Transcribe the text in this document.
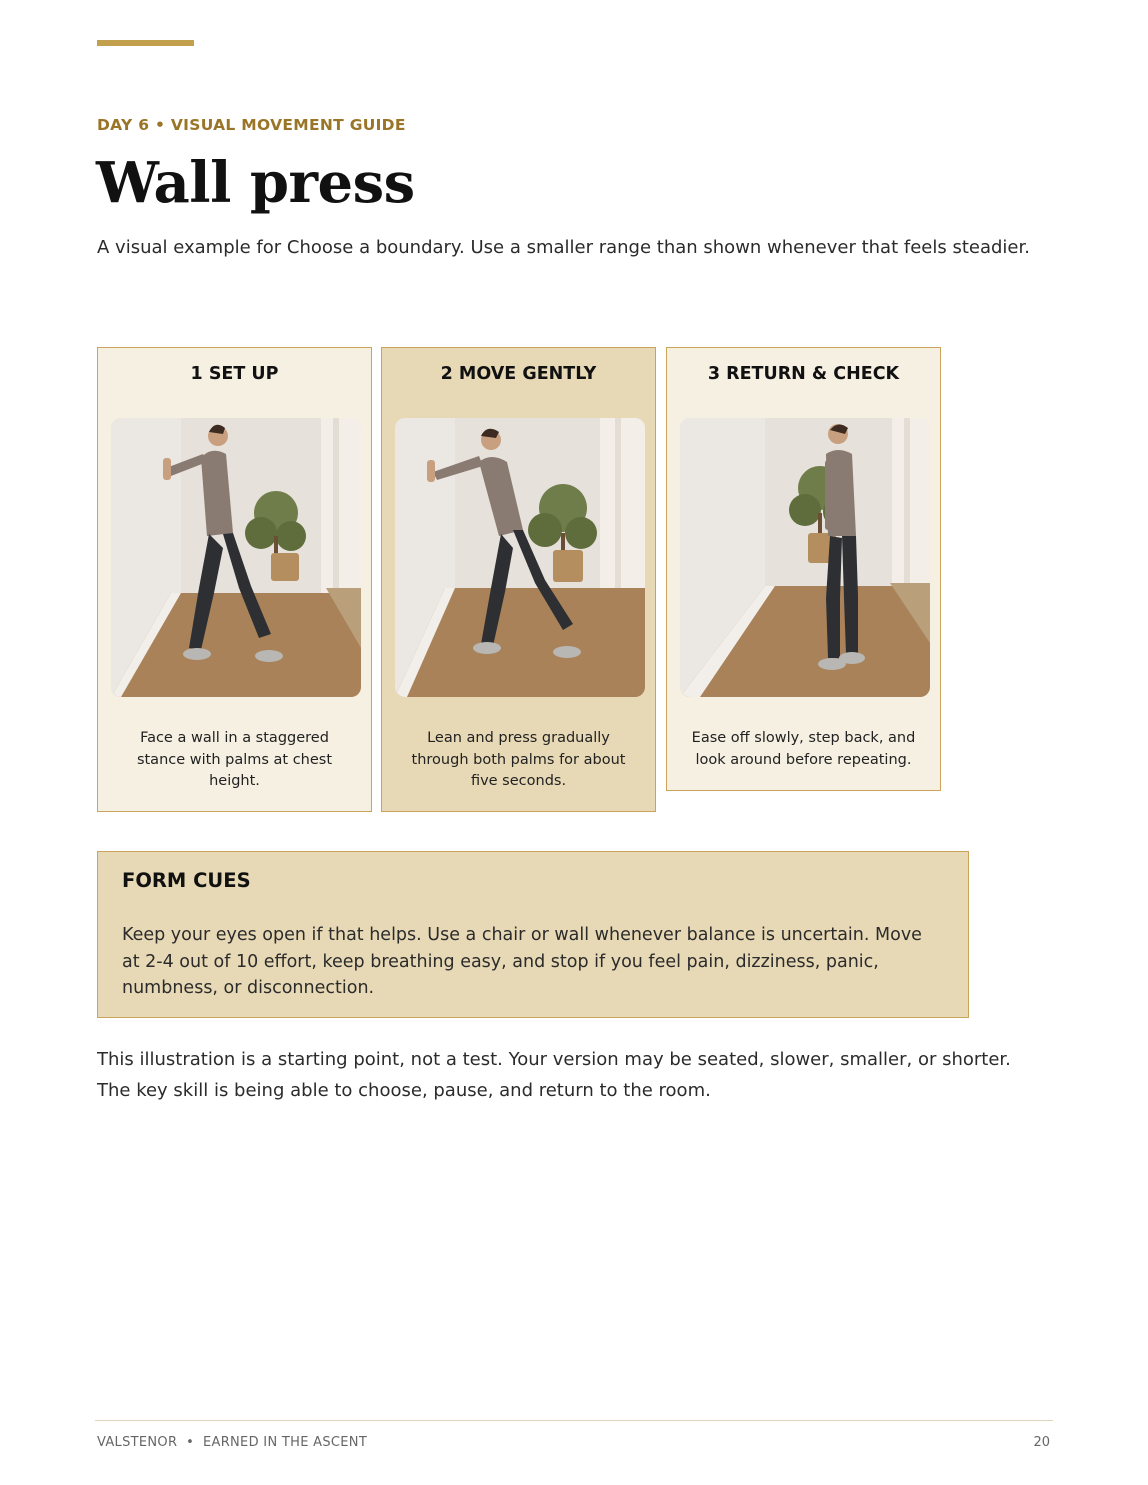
DAY 6 • VISUAL MOVEMENT GUIDE
Wall press

A visual example for Choose a boundary. Use a smaller range than shown whenever that feels steadier.

1 SET UP
Face a wall in a staggered stance with palms at chest height.
2 MOVE GENTLY
Lean and press gradually through both palms for about five seconds.
3 RETURN & CHECK
Ease off slowly, step back, and look around before repeating.
FORM CUES

Keep your eyes open if that helps. Use a chair or wall whenever balance is uncertain. Move at 2-4 out of 10 effort, keep breathing easy, and stop if you feel pain, dizziness, panic, numbness, or disconnection.

This illustration is a starting point, not a test. Your version may be seated, slower, smaller, or shorter. The key skill is being able to choose, pause, and return to the room.

VALSTENOR  •  EARNED IN THE ASCENT	20
